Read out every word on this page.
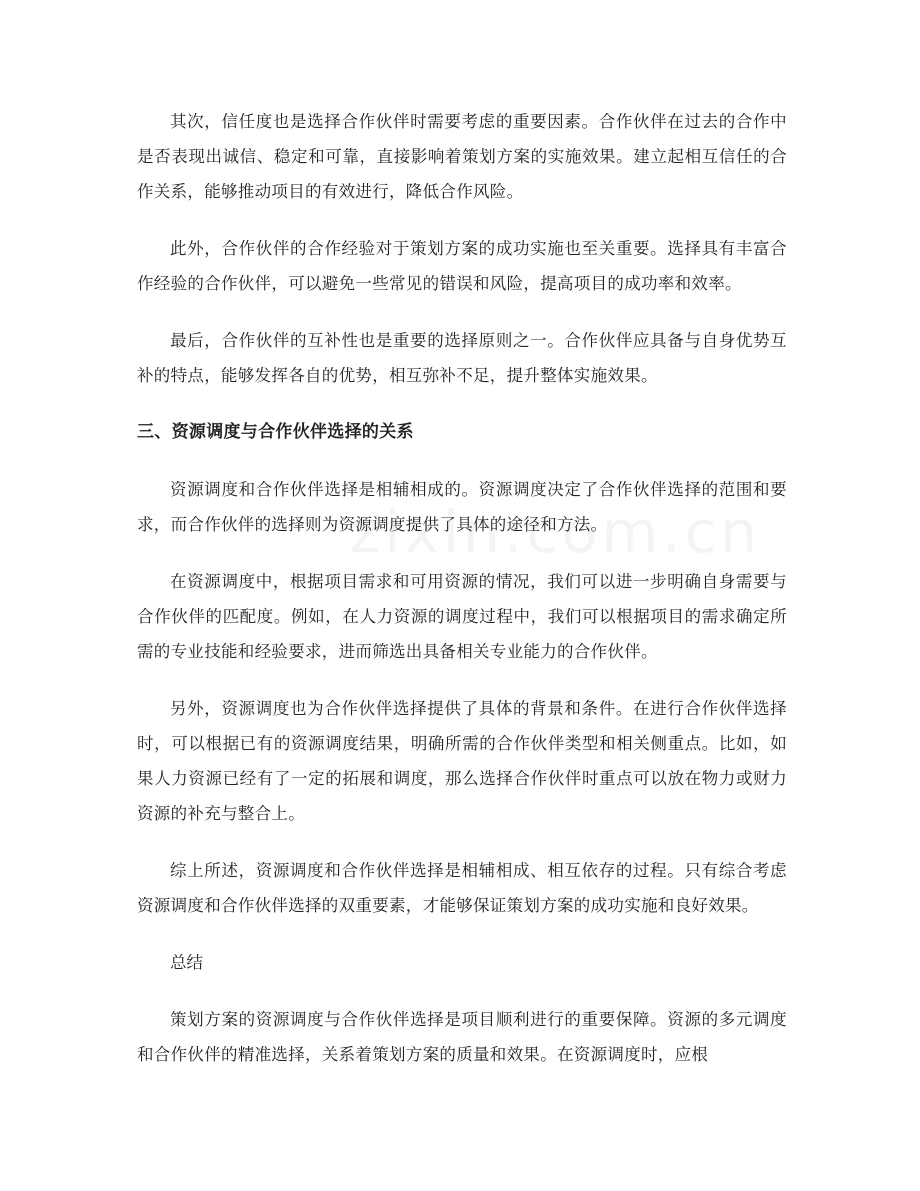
其次，信任度也是选择合作伙伴时需要考虑的重要因素。合作伙伴在过去的合作中是否表现出诚信、稳定和可靠，直接影响着策划方案的实施效果。建立起相互信任的合作关系，能够推动项目的有效进行，降低合作风险。

此外，合作伙伴的合作经验对于策划方案的成功实施也至关重要。选择具有丰富合作经验的合作伙伴，可以避免一些常见的错误和风险，提高项目的成功率和效率。

最后，合作伙伴的互补性也是重要的选择原则之一。合作伙伴应具备与自身优势互补的特点，能够发挥各自的优势，相互弥补不足，提升整体实施效果。

三、资源调度与合作伙伴选择的关系

资源调度和合作伙伴选择是相辅相成的。资源调度决定了合作伙伴选择的范围和要求，而合作伙伴的选择则为资源调度提供了具体的途径和方法。

在资源调度中，根据项目需求和可用资源的情况，我们可以进一步明确自身需要与合作伙伴的匹配度。例如，在人力资源的调度过程中，我们可以根据项目的需求确定所需的专业技能和经验要求，进而筛选出具备相关专业能力的合作伙伴。

另外，资源调度也为合作伙伴选择提供了具体的背景和条件。在进行合作伙伴选择时，可以根据已有的资源调度结果，明确所需的合作伙伴类型和相关侧重点。比如，如果人力资源已经有了一定的拓展和调度，那么选择合作伙伴时重点可以放在物力或财力资源的补充与整合上。

综上所述，资源调度和合作伙伴选择是相辅相成、相互依存的过程。只有综合考虑资源调度和合作伙伴选择的双重要素，才能够保证策划方案的成功实施和良好效果。

总结

策划方案的资源调度与合作伙伴选择是项目顺利进行的重要保障。资源的多元调度和合作伙伴的精准选择，关系着策划方案的质量和效果。在资源调度时，应根
